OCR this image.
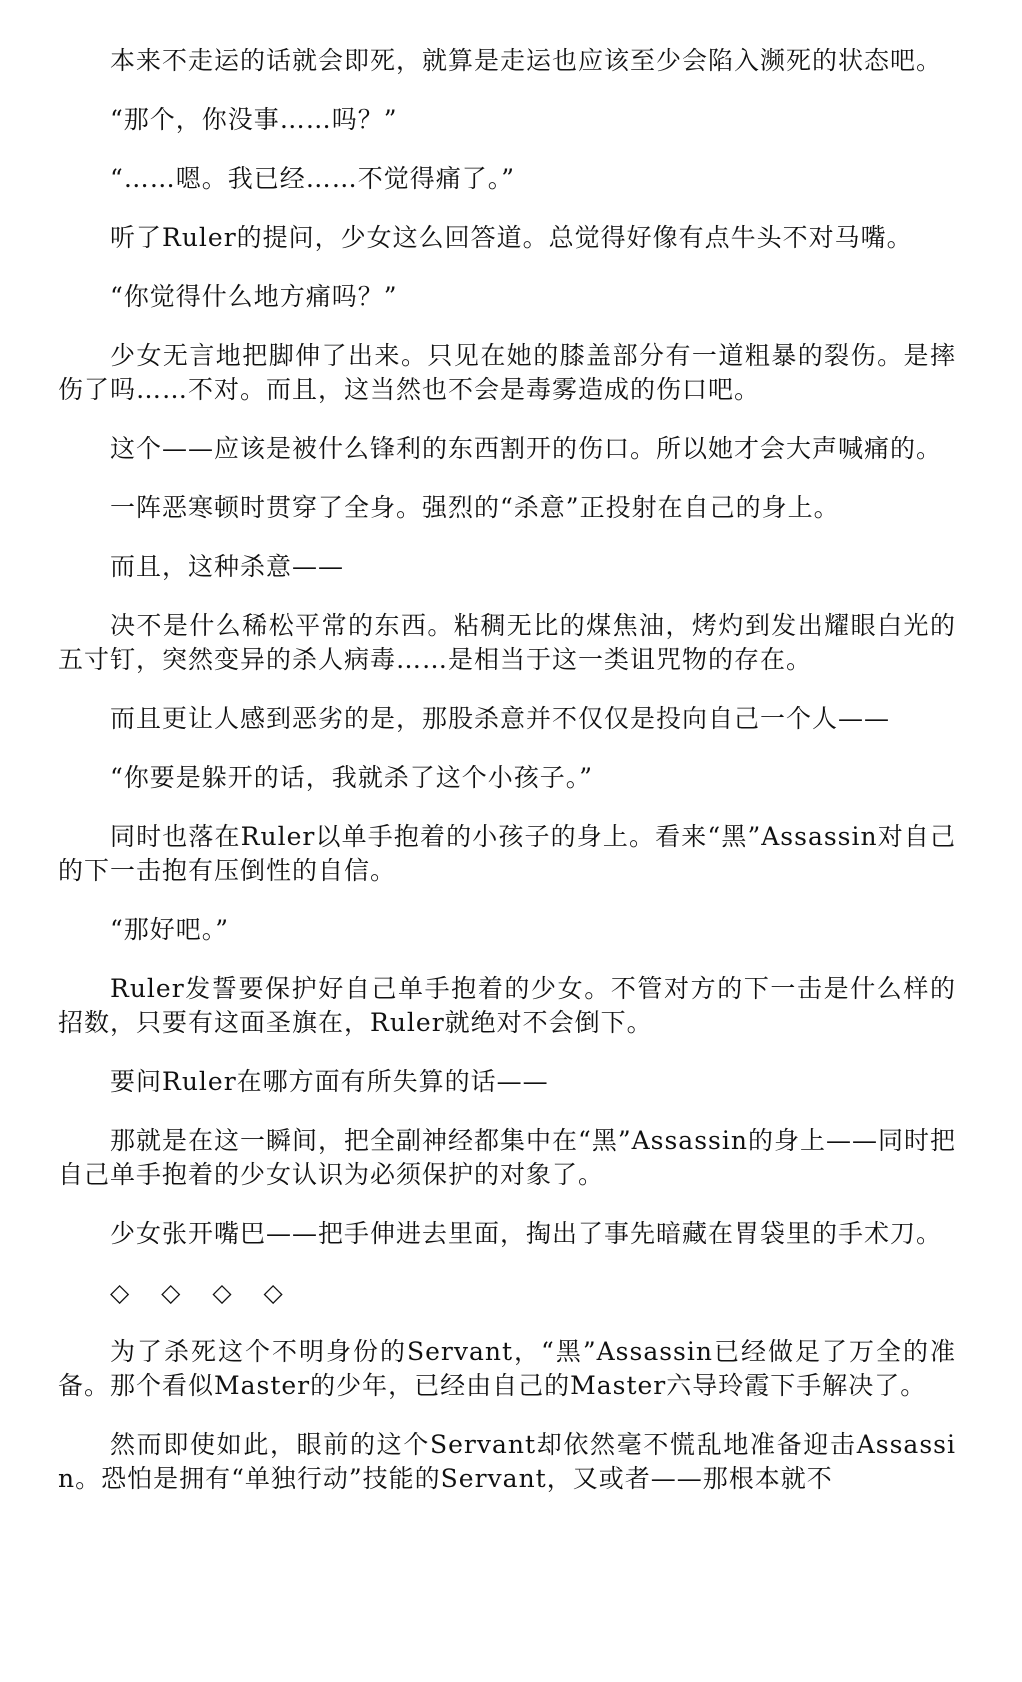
本来不走运的话就会即死，就算是走运也应该至少会陷入濒死的状态吧。

“那个，你没事……吗？”

“……嗯。我已经……不觉得痛了。”

听了Ruler的提问，少女这么回答道。总觉得好像有点牛头不对马嘴。

“你觉得什么地方痛吗？”

少女无言地把脚伸了出来。只见在她的膝盖部分有一道粗暴的裂伤。是摔伤了吗……不对。而且，这当然也不会是毒雾造成的伤口吧。

这个——应该是被什么锋利的东西割开的伤口。所以她才会大声喊痛的。

一阵恶寒顿时贯穿了全身。强烈的“杀意”正投射在自己的身上。

而且，这种杀意——

决不是什么稀松平常的东西。粘稠无比的煤焦油，烤灼到发出耀眼白光的五寸钉，突然变异的杀人病毒……是相当于这一类诅咒物的存在。

而且更让人感到恶劣的是，那股杀意并不仅仅是投向自己一个人——

“你要是躲开的话，我就杀了这个小孩子。”

同时也落在Ruler以单手抱着的小孩子的身上。看来“黑”Assassin对自己的下一击抱有压倒性的自信。

“那好吧。”

Ruler发誓要保护好自己单手抱着的少女。不管对方的下一击是什么样的招数，只要有这面圣旗在，Ruler就绝对不会倒下。

要问Ruler在哪方面有所失算的话——

那就是在这一瞬间，把全副神经都集中在“黑”Assassin的身上——同时把自己单手抱着的少女认识为必须保护的对象了。

少女张开嘴巴——把手伸进去里面，掏出了事先暗藏在胃袋里的手术刀。

◇ ◇ ◇ ◇

为了杀死这个不明身份的Servant，“黑”Assassin已经做足了万全的准备。那个看似Master的少年，已经由自己的Master六导玲霞下手解决了。

然而即使如此，眼前的这个Servant却依然毫不慌乱地准备迎击Assassin。恐怕是拥有“单独行动”技能的Servant，又或者——那根本就不
